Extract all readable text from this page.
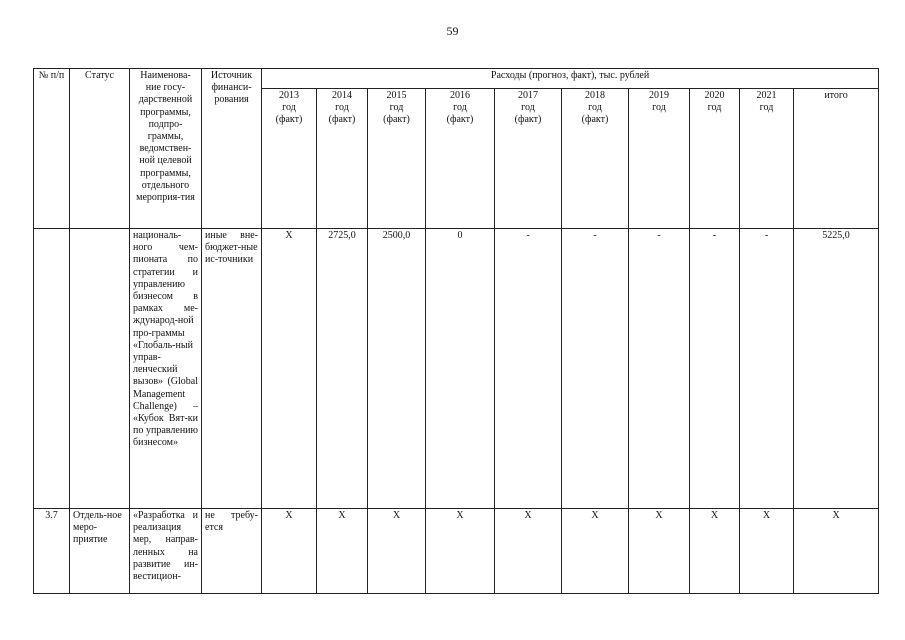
59
№ п/п	Статус	Наименова-ние госу-дарственной программы, подпро-граммы, ведомствен-ной целевой программы, отдельного мероприя-тия	Источник финанси-рования	Расходы (прогноз, факт), тыс. рублей									

				2013
год
(факт)	2014
год
(факт)	2015
год
(факт)	2016
год
(факт)	2017
год
(факт)	2018
год
(факт)	2019
год	2020
год	2021
год	итого
		националь-ного чем-пионата по стратегии и управлению бизнесом в рамках ме-ждународ-ной про-граммы «Глобаль-ный управ-ленческий вызов» (Global Management Challenge) – «Кубок Вят-ки по управлению бизнесом»	иные вне-бюджет-ные ис-точники	Х	2725,0	2500,0	0	-	-	-	-	-	5225,0
3.7	Отдель-ное меро-приятие	«Разработка и реализация мер, направ-ленных на развитие ин-вестицион-	не требу-ется	Х	Х	Х	Х	Х	Х	Х	Х	Х	Х
